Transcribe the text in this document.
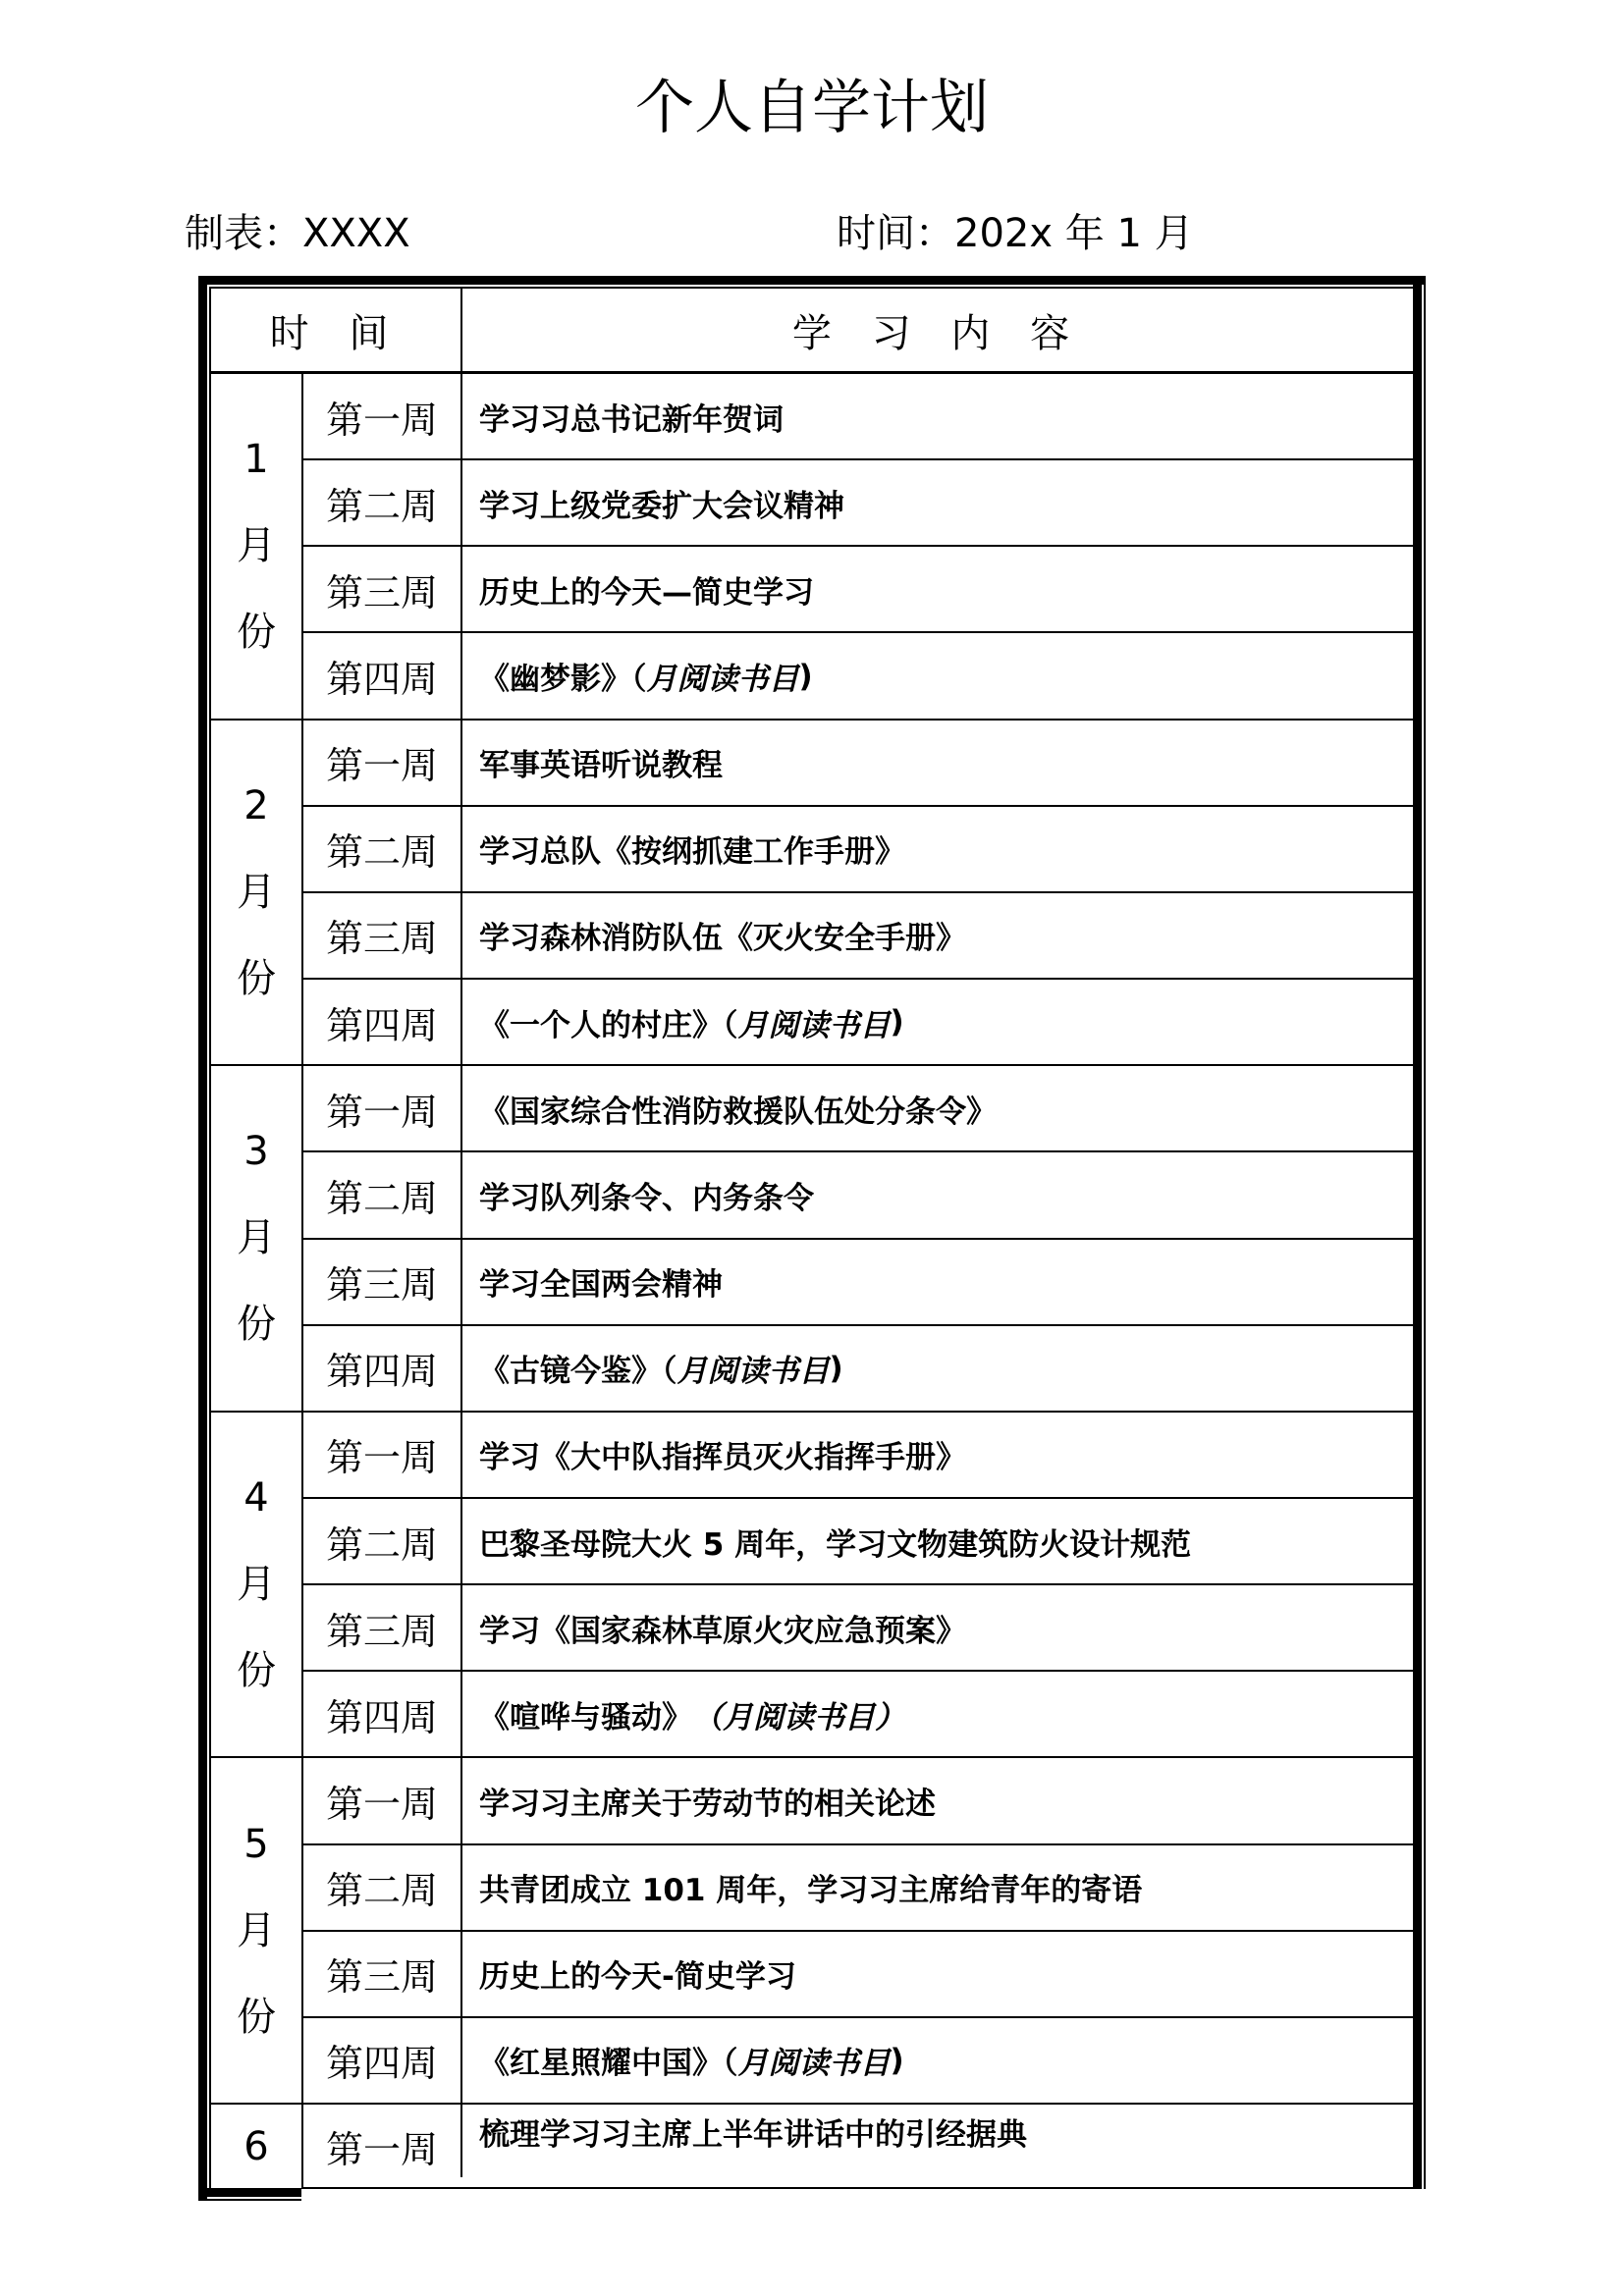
个人自学计划
制表：XXXX	时间：202x 年 1 月
时 间	学 习 内 容
1
月
份
第一周	学习习总书记新年贺词
第二周	学习上级党委扩大会议精神
第三周	历史上的今天—简史学习
第四周	《幽梦影》（ 月阅读书目 )
2
月
份
第一周	军事英语听说教程
第二周	学习总队《按纲抓建工作手册》
第三周	学习森林消防队伍《灭火安全手册》
第四周	《一个人的村庄》（ 月阅读书目 )
3
月
份
第一周	《国家综合性消防救援队伍处分条令》
第二周	学习队列条令、内务条令
第三周	学习全国两会精神
第四周	《古镜今鉴》（ 月阅读书目 )
4
月
份
第一周	学习《大中队指挥员灭火指挥手册》
第二周	巴黎圣母院大火 5 周年，学习文物建筑防火设计规范
第三周	学习《国家森林草原火灾应急预案》
第四周	《喧哗与骚动》 （月阅读书目）
5
月
份
第一周	学习习主席关于劳动节的相关论述
第二周	共青团成立 101 周年，学习习主席给青年的寄语
第三周	历史上的今天-简史学习
第四周	《红星照耀中国》（ 月阅读书目 )
6	第一周	梳理学习习主席上半年讲话中的引经据典
